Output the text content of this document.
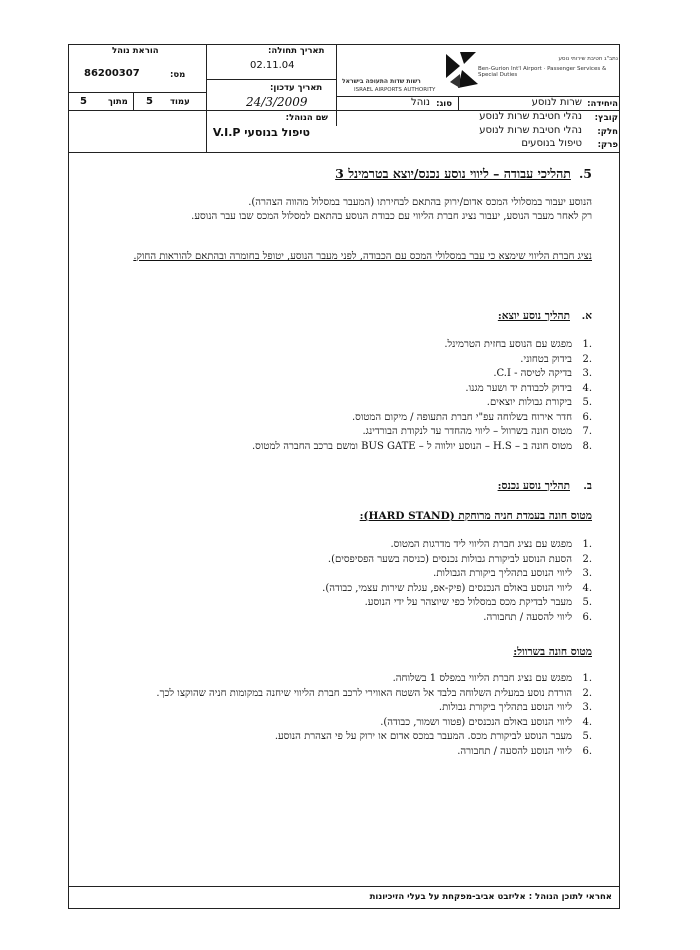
הוראת נוהל
מס:
86200307
עמוד
5
מתוך
5
תאריך תחולה:
02.11.04
תאריך עדכון:
24/3/2009
רשות שדות התעופה בישראל
ISRAEL AIRPORTS AUTHORITY
נתב"ג חטיבת שירותי נוסע
Ben-Gurion Int'l Airport · Passenger Services & Special Duties
היחידה:
שרות לנוסע
סוג:
נוהל
קובץ:
נהלי חטיבת שרות לנוסע
חלק:
נהלי חטיבת שרות לנוסע
פרק:
טיפול בנוסעים
שם הנוהל:
טיפול בנוסעי V.I.P
5.תהליכי עבודה – ליווי נוסע נכנס/יוצא בטרמינל 3
הנוסע יעבור במסלולי המכס אדום/ירוק בהתאם לבחירתו (המעבר במסלול מהווה הצהרה).
רק לאחר מעבר הנוסע, יעבור נציג חברת הליווי עם כבודת הנוסע בהתאם למסלול המכס שבו עבר הנוסע.
נציג חברת הליווי שימצא כי עבר במסלולי המכס עם הכבודה, לפני מעבר הנוסע, יטופל בחומרה ובהתאם להוראות החוק.
א.
תהליך נוסע יוצא:
.1
מפגש עם הנוסע בחזית הטרמינל.
.2
בידוק בטחוני.
.3
בדיקה לטיסה - C.I.
.4
בידוק לכבודת יד ושער מגנו.
.5
ביקורת גבולות יוצאים.
.6
חדר אירוח בשלוחה עפ"י חברת התעופה / מיקום המטוס.
.7
מטוס חונה בשרוול – ליווי מהחדר עד לנקודת הבורדינג.
.8
מטוס חונה ב – H.S – הנוסע יולווה ל – BUS GATE ומשם ברכב החברה למטוס.
ב.
תהליך נוסע נכנס:
מטוס חונה בעמדת חניה מרוחקת (HARD STAND):
.1
מפגש עם נציג חברת הליווי ליד מדרגות המטוס.
.2
הסעת הנוסע לביקורת גבולות נכנסים (כניסה בשער הפסיפסים).
.3
ליווי הנוסע בתהליך ביקורת הגבולות.
.4
ליווי הנוסע באולם הנכנסים (פיק-אפ, עגלת שירות עצמי, כבודה).
.5
מעבר לבדיקת מכס במסלול כפי שיוצהר על ידי הנוסע.
.6
ליווי להסעה / תחבורה.
מטוס חונה בשרוול:
.1
מפגש עם נציג חברת הליווי במפלס 1 בשלוחה.
.2
הורדת נוסע במעלית השלוחה בלבד אל השטח האווירי לרכב חברת הליווי שיחנה במקומות חניה שהוקצו לכך.
.3
ליווי הנוסע בתהליך ביקורת גבולות.
.4
ליווי הנוסע באולם הנכנסים (פטור ושמור, כבודה).
.5
מעבר הנוסע לביקורת מכס. המעבר במכס אדום או ירוק על פי הצהרת הנוסע.
.6
ליווי הנוסע להסעה / תחבורה.
אחראי לתוכן הנוהל : אליזבט אביב-מפקחת על בעלי הזיכיונות
